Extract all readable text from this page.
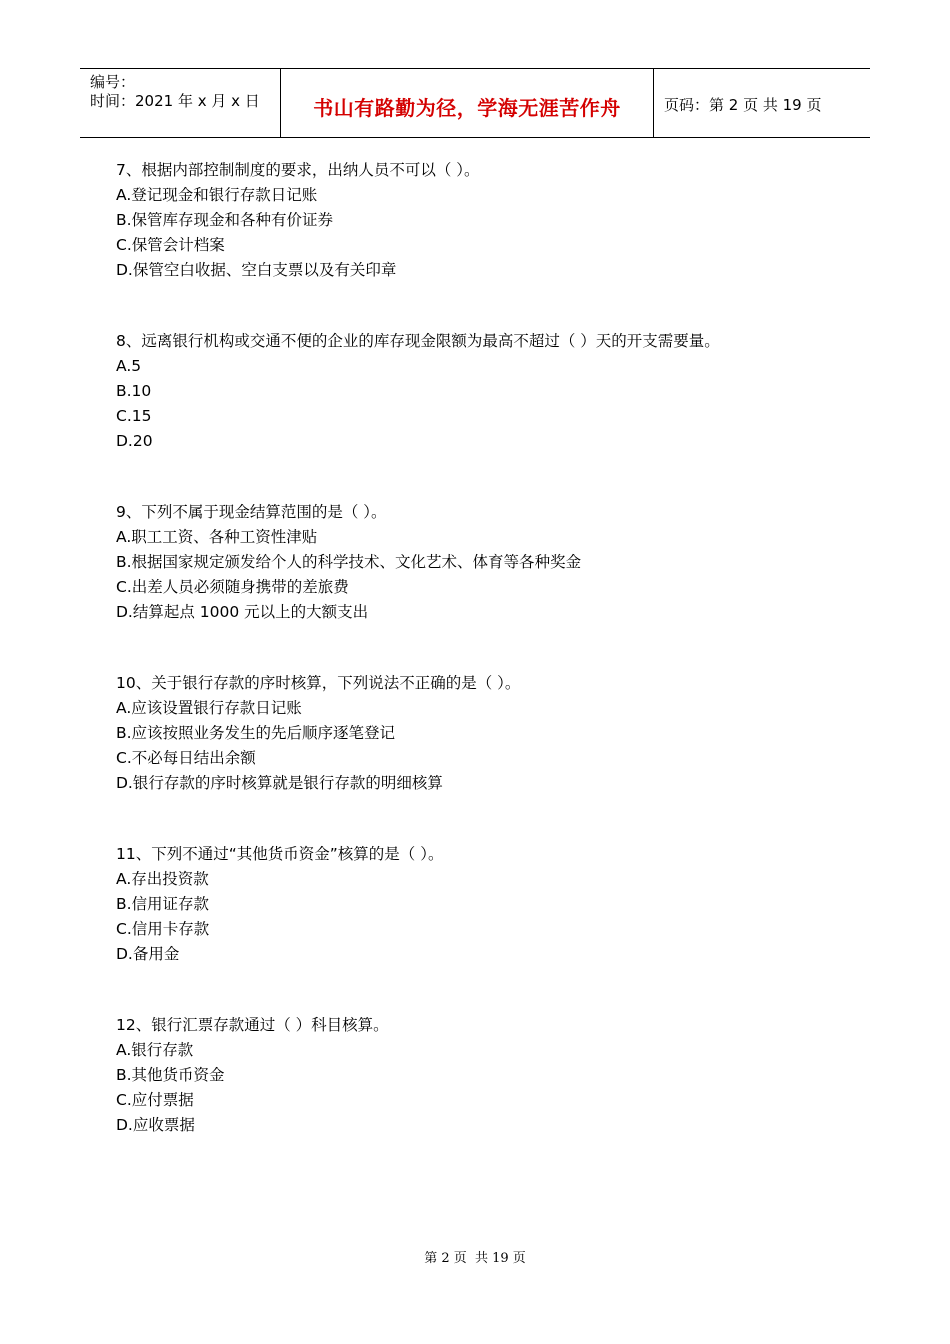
编号：
时间：2021 年 x 月 x 日	书山有路勤为径，学海无涯苦作舟	页码：第 2 页 共 19 页
7、根据内部控制制度的要求，出纳人员不可以（ ）。
A.登记现金和银行存款日记账
B.保管库存现金和各种有价证券
C.保管会计档案
D.保管空白收据、空白支票以及有关印章
8、远离银行机构或交通不便的企业的库存现金限额为最高不超过（ ）天的开支需要量。
A.5
B.10
C.15
D.20
9、下列不属于现金结算范围的是（ ）。
A.职工工资、各种工资性津贴
B.根据国家规定颁发给个人的科学技术、文化艺术、体育等各种奖金
C.出差人员必须随身携带的差旅费
D.结算起点 1000 元以上的大额支出
10、关于银行存款的序时核算，下列说法不正确的是（ ）。
A.应该设置银行存款日记账
B.应该按照业务发生的先后顺序逐笔登记
C.不必每日结出余额
D.银行存款的序时核算就是银行存款的明细核算
11、下列不通过“其他货币资金”核算的是（ ）。
A.存出投资款
B.信用证存款
C.信用卡存款
D.备用金
12、银行汇票存款通过（ ）科目核算。
A.银行存款
B.其他货币资金
C.应付票据
D.应收票据
第 2 页  共 19 页
